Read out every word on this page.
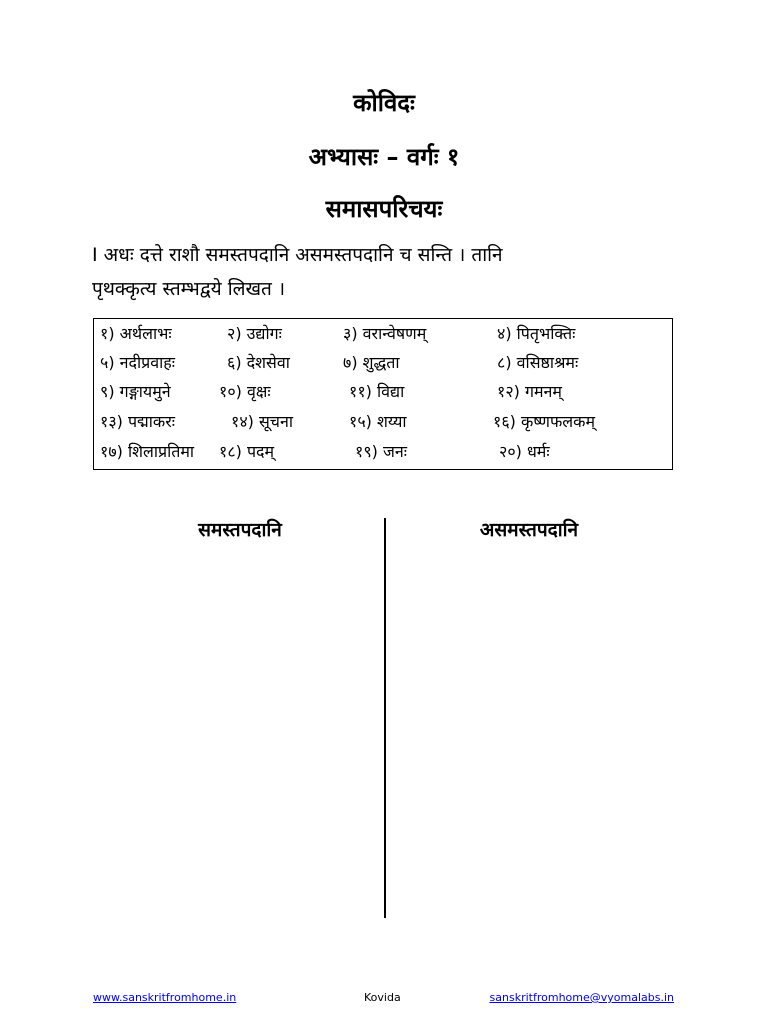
कोविदः
अभ्यासः – वर्गः १
समासपरिचयः

I अधः दत्ते राशौ समस्तपदानि असमस्तपदानि च सन्ति । तानि
पृथक्कृत्य स्तम्भद्वये लिखत ।

१) अर्थलाभः	२) उद्योगः	३) वरान्वेषणम्	४) पितृभक्तिः
५) नदीप्रवाहः	६) देशसेवा	७) शुद्धता	८) वसिष्ठाश्रमः
९) गङ्गायमुने	१०) वृक्षः	११) विद्या	१२) गमनम्
१३) पद्माकरः	१४) सूचना	१५) शय्या	१६) कृष्णफलकम्
१७) शिलाप्रतिमा १८) पदम्	१९) जनः	२०) धर्मः
समस्तपदानि	असमस्तपदानि
www.sanskritfromhome.in	Kovida	sanskritfromhome@vyomalabs.in
